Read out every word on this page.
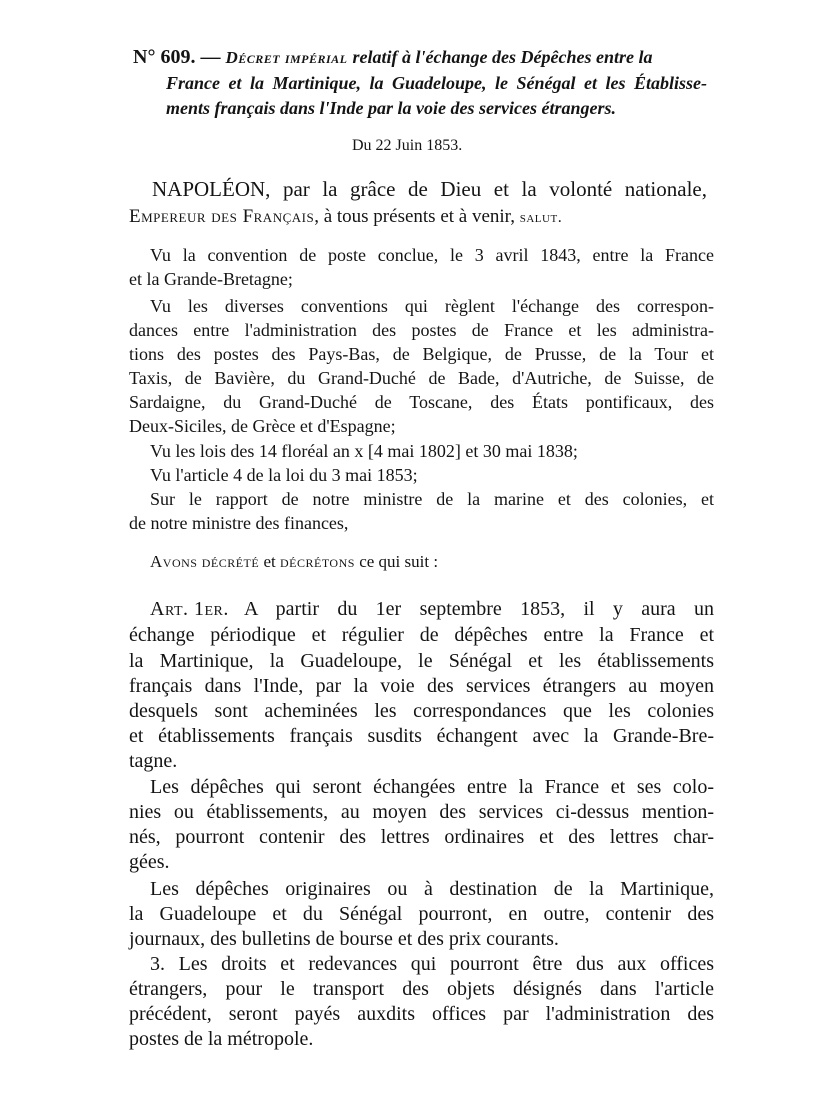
N° 609. — Décret impérial relatif à l'échange des Dépêches entre la
France et la Martinique, la Guadeloupe, le Sénégal et les Établisse-
ments français dans l'Inde par la voie des services étrangers.
Du 22 Juin 1853.
NAPOLÉON, par la grâce de Dieu et la volonté nationale,
Empereur des Français, à tous présents et à venir, salut.
Vu la convention de poste conclue, le 3 avril 1843, entre la France
et la Grande-Bretagne;
Vu les diverses conventions qui règlent l'échange des correspon-
dances entre l'administration des postes de France et les administra-
tions des postes des Pays-Bas, de Belgique, de Prusse, de la Tour et
Taxis, de Bavière, du Grand-Duché de Bade, d'Autriche, de Suisse, de
Sardaigne, du Grand-Duché de Toscane, des États pontificaux, des
Deux-Siciles, de Grèce et d'Espagne;
Vu les lois des 14 floréal an x [4 mai 1802] et 30 mai 1838;
Vu l'article 4 de la loi du 3 mai 1853;
Sur le rapport de notre ministre de la marine et des colonies, et
de notre ministre des finances,
Avons décrété et décrétons ce qui suit :
Art. 1er. A partir du 1er septembre 1853, il y aura un
échange périodique et régulier de dépêches entre la France et
la Martinique, la Guadeloupe, le Sénégal et les établissements
français dans l'Inde, par la voie des services étrangers au moyen
desquels sont acheminées les correspondances que les colonies
et établissements français susdits échangent avec la Grande-Bre-
tagne.
Les dépêches qui seront échangées entre la France et ses colo-
nies ou établissements, au moyen des services ci-dessus mention-
nés, pourront contenir des lettres ordinaires et des lettres char-
gées.
Les dépêches originaires ou à destination de la Martinique,
la Guadeloupe et du Sénégal pourront, en outre, contenir des
journaux, des bulletins de bourse et des prix courants.
3. Les droits et redevances qui pourront être dus aux offices
étrangers, pour le transport des objets désignés dans l'article
précédent, seront payés auxdits offices par l'administration des
postes de la métropole.
